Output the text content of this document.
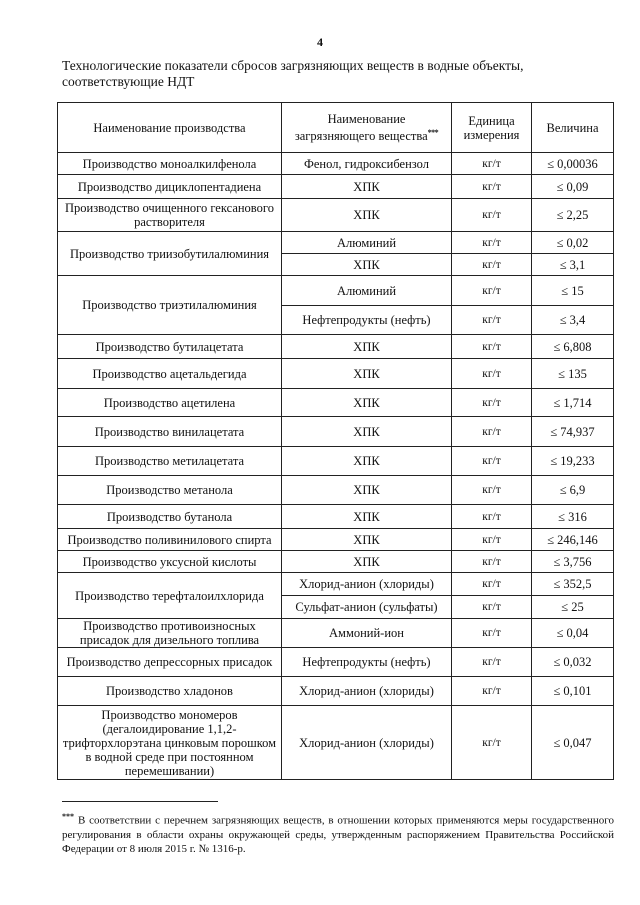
4
Технологические показатели сбросов загрязняющих веществ в водные объекты, соответствующие НДТ
Наименование производства	Наименование загрязняющего вещества***	Единица измерения	Величина
Производство моноалкилфенола	Фенол, гидроксибензол	кг/т	≤ 0,00036
Производство дициклопентадиена	ХПК	кг/т	≤ 0,09
Производство очищенного гексанового растворителя	ХПК	кг/т	≤ 2,25
Производство триизобутилалюминия	Алюминий	кг/т	≤ 0,02
	ХПК	кг/т	≤ 3,1
Производство триэтилалюминия	Алюминий	кг/т	≤ 15
	Нефтепродукты (нефть)	кг/т	≤ 3,4
Производство бутилацетата	ХПК	кг/т	≤ 6,808
Производство ацетальдегида	ХПК	кг/т	≤ 135
Производство ацетилена	ХПК	кг/т	≤ 1,714
Производство винилацетата	ХПК	кг/т	≤ 74,937
Производство метилацетата	ХПК	кг/т	≤ 19,233
Производство метанола	ХПК	кг/т	≤ 6,9
Производство бутанола	ХПК	кг/т	≤ 316
Производство поливинилового спирта	ХПК	кг/т	≤ 246,146
Производство уксусной кислоты	ХПК	кг/т	≤ 3,756
Производство терефталоилхлорида	Хлорид-анион (хлориды)	кг/т	≤ 352,5
	Сульфат-анион (сульфаты)	кг/т	≤ 25
Производство противоизносных присадок для дизельного топлива	Аммоний-ион	кг/т	≤ 0,04
Производство депрессорных присадок	Нефтепродукты (нефть)	кг/т	≤ 0,032
Производство хладонов	Хлорид-анион (хлориды)	кг/т	≤ 0,101
Производство мономеров (дегалоидирование 1,1,2-трифторхлорэтана цинковым порошком в водной среде при постоянном перемешивании)	Хлорид-анион (хлориды)	кг/т	≤ 0,047
*** В соответствии с перечнем загрязняющих веществ, в отношении которых применяются меры государственного регулирования в области охраны окружающей среды, утвержденным распоряжением Правительства Российской Федерации от 8 июля 2015 г. № 1316-р.
